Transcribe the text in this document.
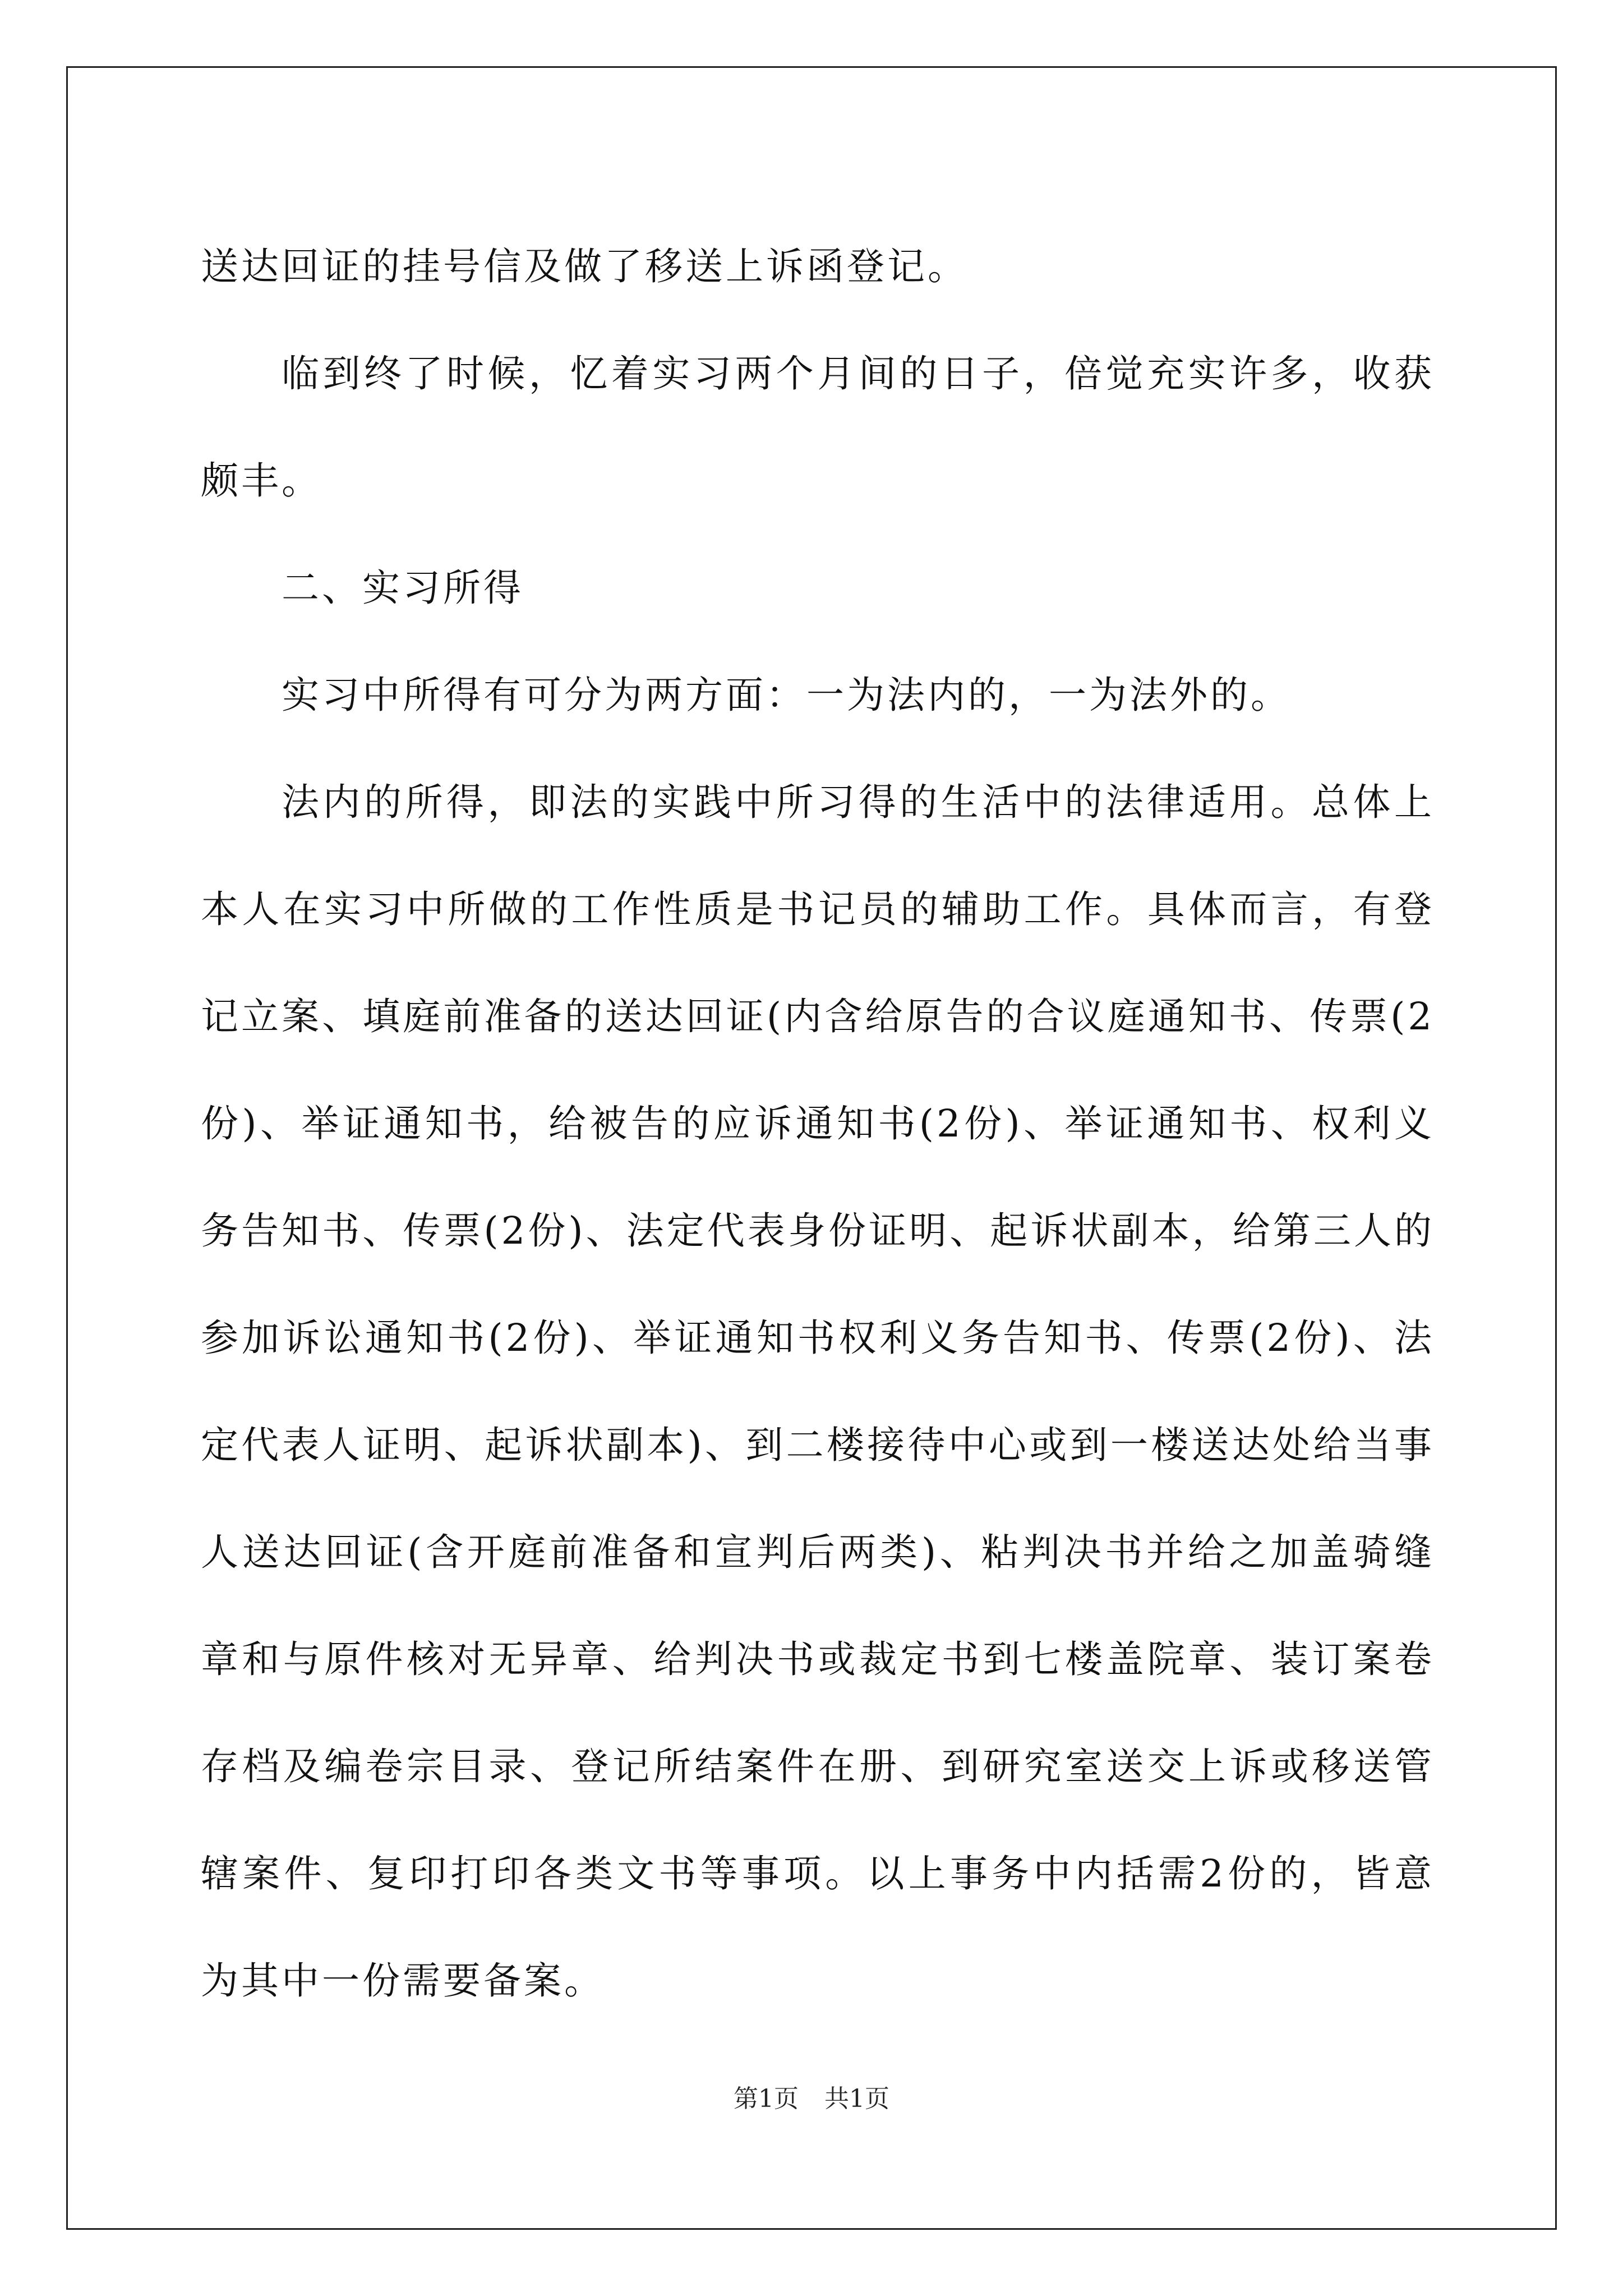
送达回证的挂号信及做了移送上诉函登记。

临到终了时候，忆着实习两个月间的日子，倍觉充实许多，收获颇丰。

二、实习所得

实习中所得有可分为两方面：一为法内的，一为法外的。

法内的所得，即法的实践中所习得的生活中的法律适用。总体上本人在实习中所做的工作性质是书记员的辅助工作。具体而言，有登记立案、填庭前准备的送达回证(内含给原告的合议庭通知书、传票(2份)、举证通知书，给被告的应诉通知书(2份)、举证通知书、权利义务告知书、传票(2份)、法定代表身份证明、起诉状副本，给第三人的参加诉讼通知书(2份)、举证通知书权利义务告知书、传票(2份)、法定代表人证明、起诉状副本)、到二楼接待中心或到一楼送达处给当事人送达回证(含开庭前准备和宣判后两类)、粘判决书并给之加盖骑缝章和与原件核对无异章、给判决书或裁定书到七楼盖院章、装订案卷存档及编卷宗目录、登记所结案件在册、到研究室送交上诉或移送管辖案件、复印打印各类文书等事项。以上事务中内括需2份的，皆意为其中一份需要备案。

第1页 共1页
